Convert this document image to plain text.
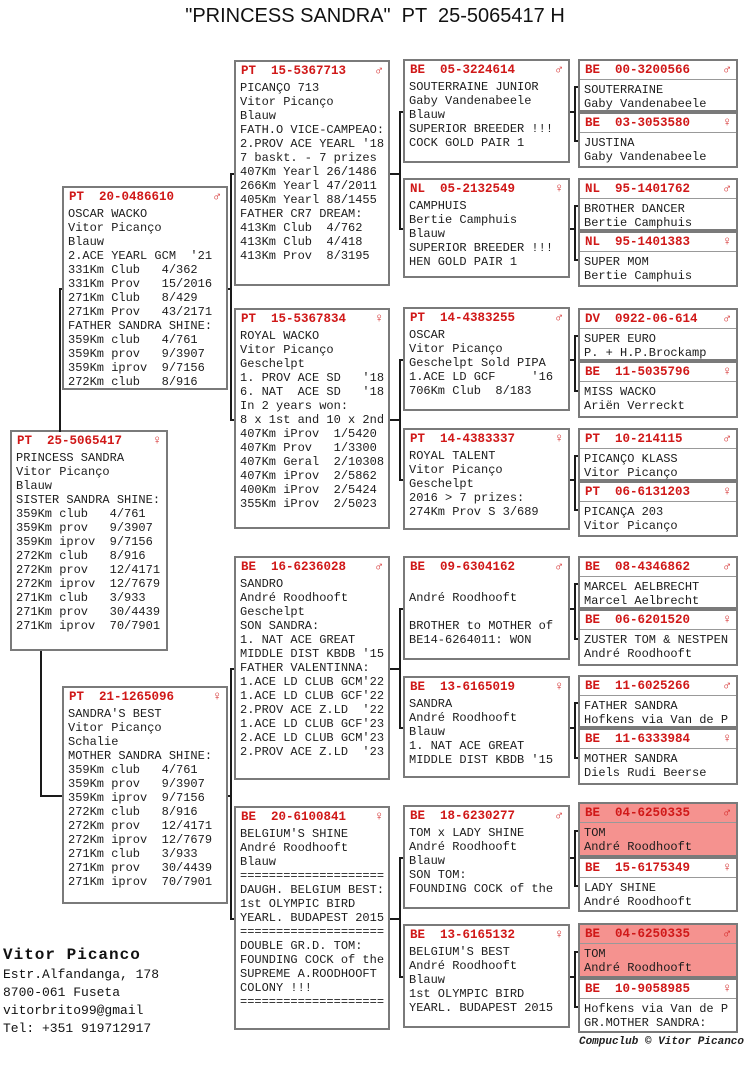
"PRINCESS SANDRA"  PT  25-5065417 H
PT  25-5065417 ♀
PRINCESS SANDRA
Vitor Picanço
Blauw
SISTER SANDRA SHINE:
359Km club   4/761
359Km prov   9/3907
359Km iprov  9/7156
272Km club   8/916
272Km prov   12/4171
272Km iprov  12/7679
271Km club   3/933
271Km prov   30/4439
271Km iprov  70/7901
PT  20-0486610	♂
OSCAR WACKO
Vitor Picanço
Blauw
2.ACE YEARL GCM  '21
331Km Club   4/362
331Km Prov   15/2016
271Km Club   8/429
271Km Prov   43/2171
FATHER SANDRA SHINE:
359Km club   4/761
359Km prov   9/3907
359Km iprov  9/7156
272Km club   8/916
PT  21-1265096	♀
SANDRA'S BEST
Vitor Picanço
Schalie
MOTHER SANDRA SHINE:
359Km club   4/761
359Km prov   9/3907
359Km iprov  9/7156
272Km club   8/916
272Km prov   12/4171
272Km iprov  12/7679
271Km club   3/933
271Km prov   30/4439
271Km iprov  70/7901
PT  15-5367713 ♂
PICANÇO 713
Vitor Picanço
Blauw
FATH.O VICE-CAMPEAO:
2.PROV ACE YEARL '18
7 baskt. - 7 prizes
407Km Yearl 26/1486
266Km Yearl 47/2011
405Km Yearl 88/1455
FATHER CR7 DREAM:
413Km Club  4/762
413Km Club  4/418
413Km Prov  8/3195
PT  15-5367834 ♀
ROYAL WACKO
Vitor Picanço
Geschelpt
1. PROV ACE SD   '18
6. NAT  ACE SD   '18
In 2 years won:
8 x 1st and 10 x 2nd
407Km iProv  1/5420
407Km Prov   1/3300
407Km Geral  2/10308
407Km iProv  2/5862
400Km iProv  2/5424
355Km iProv  2/5023
BE  16-6236028 ♂
SANDRO
André Roodhooft
Geschelpt
SON SANDRA:
1. NAT ACE GREAT
MIDDLE DIST KBDB '15
FATHER VALENTINNA:
1.ACE LD CLUB GCM'22
1.ACE LD CLUB GCF'22
2.PROV ACE Z.LD  '22
1.ACE LD CLUB GCF'23
2.ACE LD CLUB GCM'23
2.PROV ACE Z.LD  '23
BE  20-6100841 ♀
BELGIUM'S SHINE
André Roodhooft
Blauw
====================
DAUGH. BELGIUM BEST:
1st OLYMPIC BIRD
YEARL. BUDAPEST 2015
====================
DOUBLE GR.D. TOM:
FOUNDING COCK of the
SUPREME A.ROODHOOFT
COLONY !!!
====================
BE  05-3224614	♂
SOUTERRAINE JUNIOR
Gaby Vandenabeele
Blauw
SUPERIOR BREEDER !!!
COCK GOLD PAIR 1
NL  05-2132549	♀
CAMPHUIS
Bertie Camphuis
Blauw
SUPERIOR BREEDER !!!
HEN GOLD PAIR 1
PT  14-4383255	♂
OSCAR
Vitor Picanço
Geschelpt Sold PIPA
1.ACE LD GCF     '16
706Km Club  8/183
PT  14-4383337	♀
ROYAL TALENT
Vitor Picanço
Geschelpt
2016 > 7 prizes:
274Km Prov S 3/689
BE  09-6304162	♂

André Roodhooft

BROTHER to MOTHER of
BE14-6264011: WON
BE  13-6165019	♀
SANDRA
André Roodhooft
Blauw
1. NAT ACE GREAT
MIDDLE DIST KBDB '15
BE  18-6230277	♂
TOM x LADY SHINE
André Roodhooft
Blauw
SON TOM:
FOUNDING COCK of the
BE  13-6165132	♀
BELGIUM'S BEST
André Roodhooft
Blauw
1st OLYMPIC BIRD
YEARL. BUDAPEST 2015
BE  00-3200566	♂
SOUTERRAINE
Gaby Vandenabeele
BE  03-3053580	♀
JUSTINA
Gaby Vandenabeele
NL  95-1401762	♂
BROTHER DANCER
Bertie Camphuis
NL  95-1401383	♀
SUPER MOM
Bertie Camphuis
DV  0922-06-614 ♂
SUPER EURO
P. + H.P.Brockamp
BE  11-5035796	♀
MISS WACKO
Ariën Verreckt
PT  10-214115	♂
PICANÇO KLASS
Vitor Picanço
PT  06-6131203	♀
PICANÇA 203
Vitor Picanço
BE  08-4346862	♂
MARCEL AELBRECHT
Marcel Aelbrecht
BE  06-6201520	♀
ZUSTER TOM & NESTPEN
André Roodhooft
BE  11-6025266	♂
FATHER SANDRA
Hofkens via Van de P
BE  11-6333984	♀
MOTHER SANDRA
Diels Rudi Beerse
BE  04-6250335	♂
TOM
André Roodhooft
BE  15-6175349	♀
LADY SHINE
André Roodhooft
BE  04-6250335	♂
TOM
André Roodhooft
BE  10-9058985	♀
Hofkens via Van de P
GR.MOTHER SANDRA:
Vitor Picanco
Estr.Alfandanga, 178
8700-061 Fuseta
vitorbrito99@gmail
Tel: +351 919712917
Compuclub © Vitor Picanco
